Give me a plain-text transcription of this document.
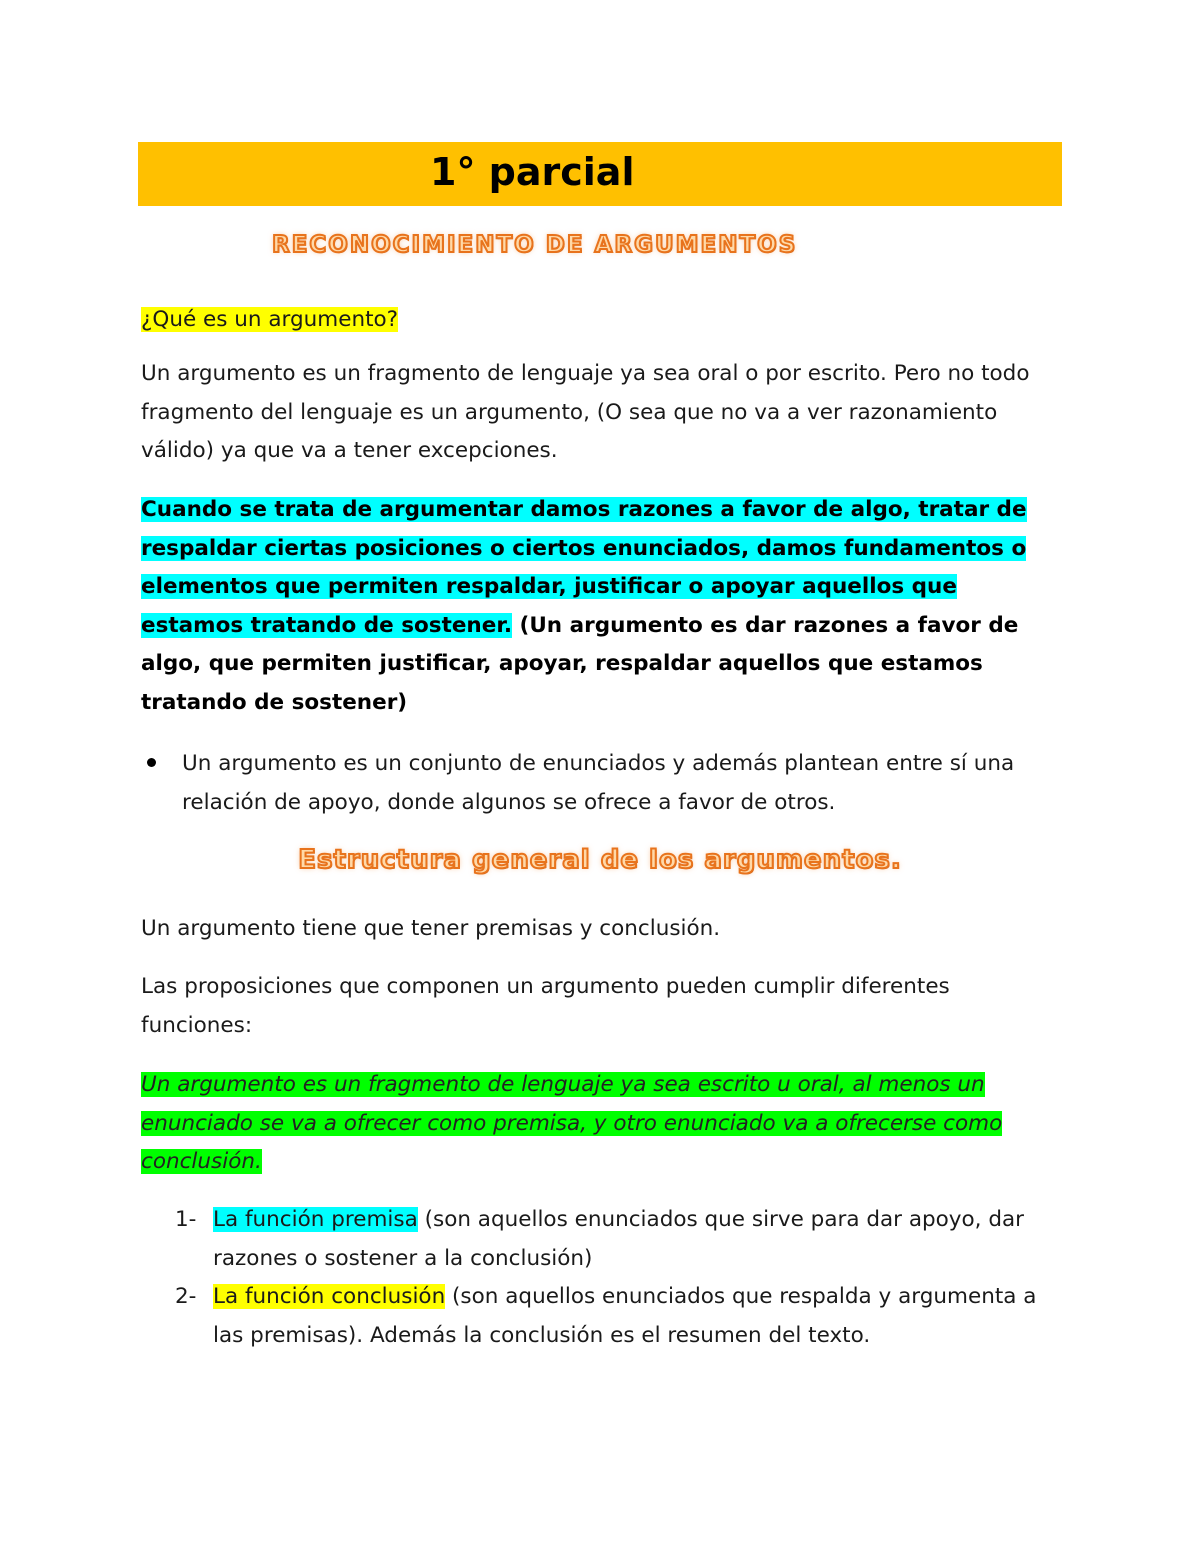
1° parcial
RECONOCIMIENTO DE ARGUMENTOS
¿Qué es un argumento?
Un argumento es un fragmento de lenguaje ya sea oral o por escrito. Pero no todo fragmento del lenguaje es un argumento, (O sea que no va a ver razonamiento válido) ya que va a tener excepciones.
Cuando se trata de argumentar damos razones a favor de algo, tratar de respaldar ciertas posiciones o ciertos enunciados, damos fundamentos o elementos que permiten respaldar, justificar o apoyar aquellos que estamos tratando de sostener. (Un argumento es dar razones a favor de algo, que permiten justificar, apoyar, respaldar aquellos que estamos tratando de sostener)
Un argumento es un conjunto de enunciados y además plantean entre sí una relación de apoyo, donde algunos se ofrece a favor de otros.
Estructura general de los argumentos.
Un argumento tiene que tener premisas y conclusión.
Las proposiciones que componen un argumento pueden cumplir diferentes funciones:
Un argumento es un fragmento de lenguaje ya sea escrito u oral, al menos un enunciado se va a ofrecer como premisa, y otro enunciado va a ofrecerse como conclusión.
1- La función premisa (son aquellos enunciados que sirve para dar apoyo, dar razones o sostener a la conclusión)
2- La función conclusión (son aquellos enunciados que respalda y argumenta a las premisas). Además la conclusión es el resumen del texto.
